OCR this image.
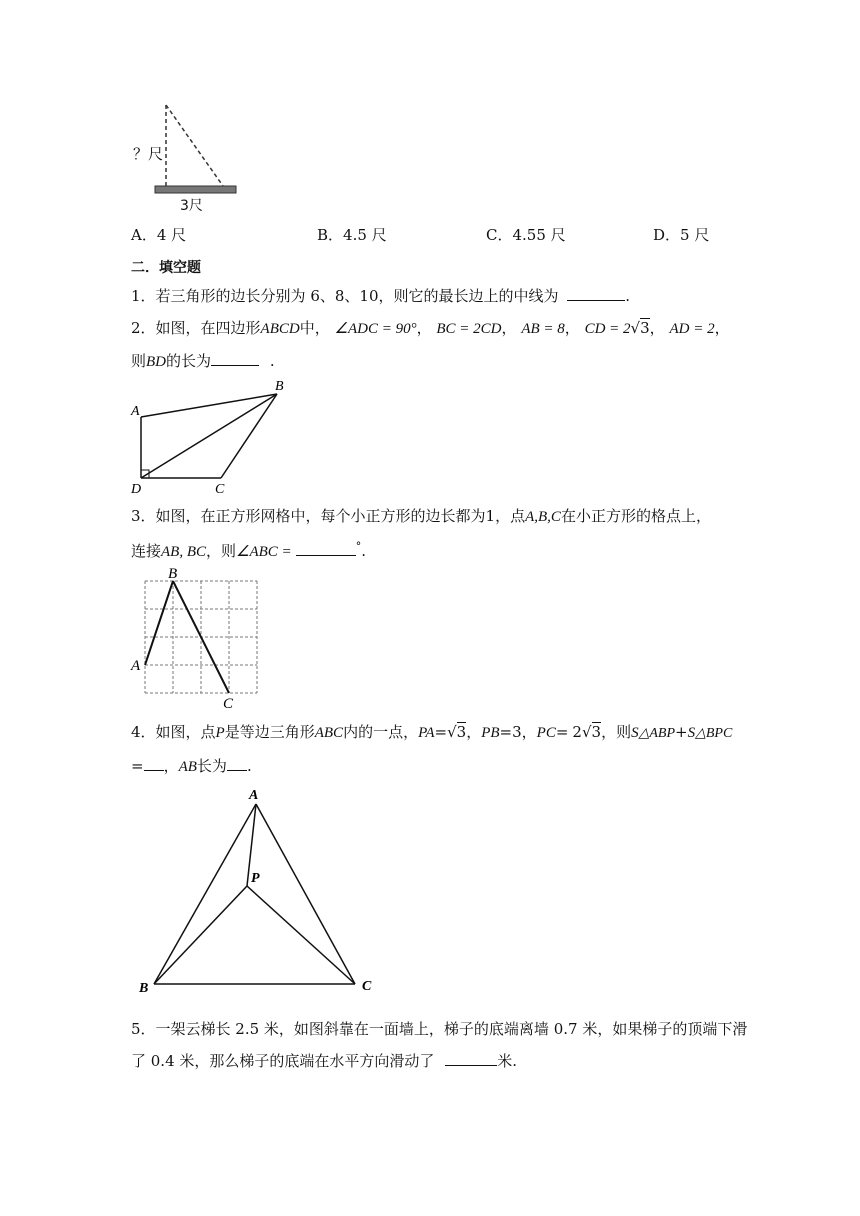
？尺
3尺
A．4 尺	B．4.5 尺	C．4.55 尺	D．5 尺
二．填空题
1．若三角形的边长分别为 6、8、10，则它的最长边上的中线为	.
2．如图，在四边形ABCD中， ∠ADC = 90°， BC = 2CD， AB = 8， CD = 2√3， AD = 2，
则BD的长为	.
A
B
D	C
3．如图，在正方形网格中，每个小正方形的边长都为1，点A,B,C在小正方形的格点上，
连接AB, BC，则∠ABC =	°.
A
B
C
4．如图，点P是等边三角形ABC内的一点，PA=√3，PB=3，PC= 2√3，则S△ABP+S△BPC
= ，AB长为 .
A
P
B	C
5．一架云梯长 2.5 米，如图斜靠在一面墙上，梯子的底端离墙 0.7 米，如果梯子的顶端下滑
了 0.4 米，那么梯子的底端在水平方向滑动了	米.
